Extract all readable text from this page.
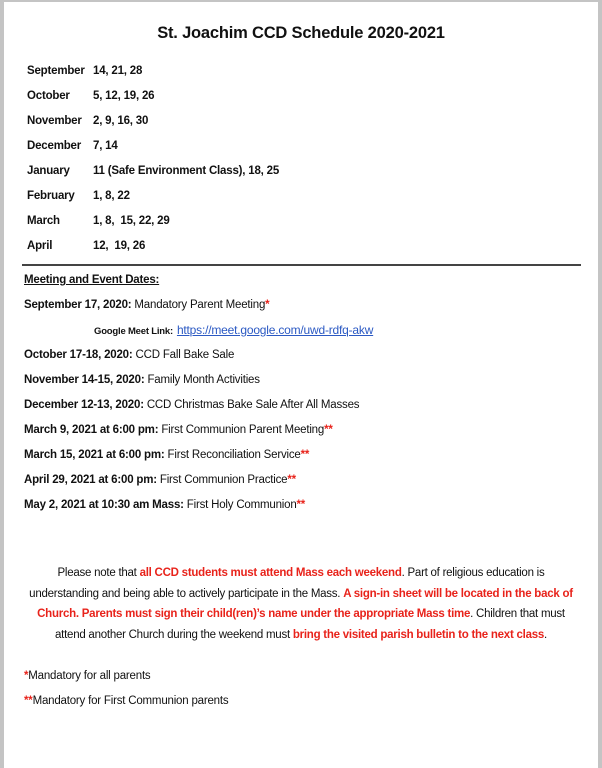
St. Joachim CCD Schedule 2020-2021
September 14, 21, 28
October	5, 12, 19, 26
November 2, 9, 16, 30
December	7, 14
January	11 (Safe Environment Class), 18, 25
February	1, 8, 22
March	1, 8,  15, 22, 29
April	12,  19, 26
Meeting and Event Dates:
September 17, 2020: Mandatory Parent Meeting*
Google Meet Link: https://meet.google.com/uwd-rdfq-akw
October 17-18, 2020: CCD Fall Bake Sale
November 14-15, 2020: Family Month Activities
December 12-13, 2020: CCD Christmas Bake Sale After All Masses
March 9, 2021 at 6:00 pm: First Communion Parent Meeting**
March 15, 2021 at 6:00 pm: First Reconciliation Service**
April 29, 2021 at 6:00 pm: First Communion Practice**
May 2, 2021 at 10:30 am Mass: First Holy Communion**
Please note that all CCD students must attend Mass each weekend. Part of religious education is understanding and being able to actively participate in the Mass. A sign-in sheet will be located in the back of Church. Parents must sign their child(ren)’s name under the appropriate Mass time. Children that must attend another Church during the weekend must bring the visited parish bulletin to the next class.
*Mandatory for all parents
**Mandatory for First Communion parents
